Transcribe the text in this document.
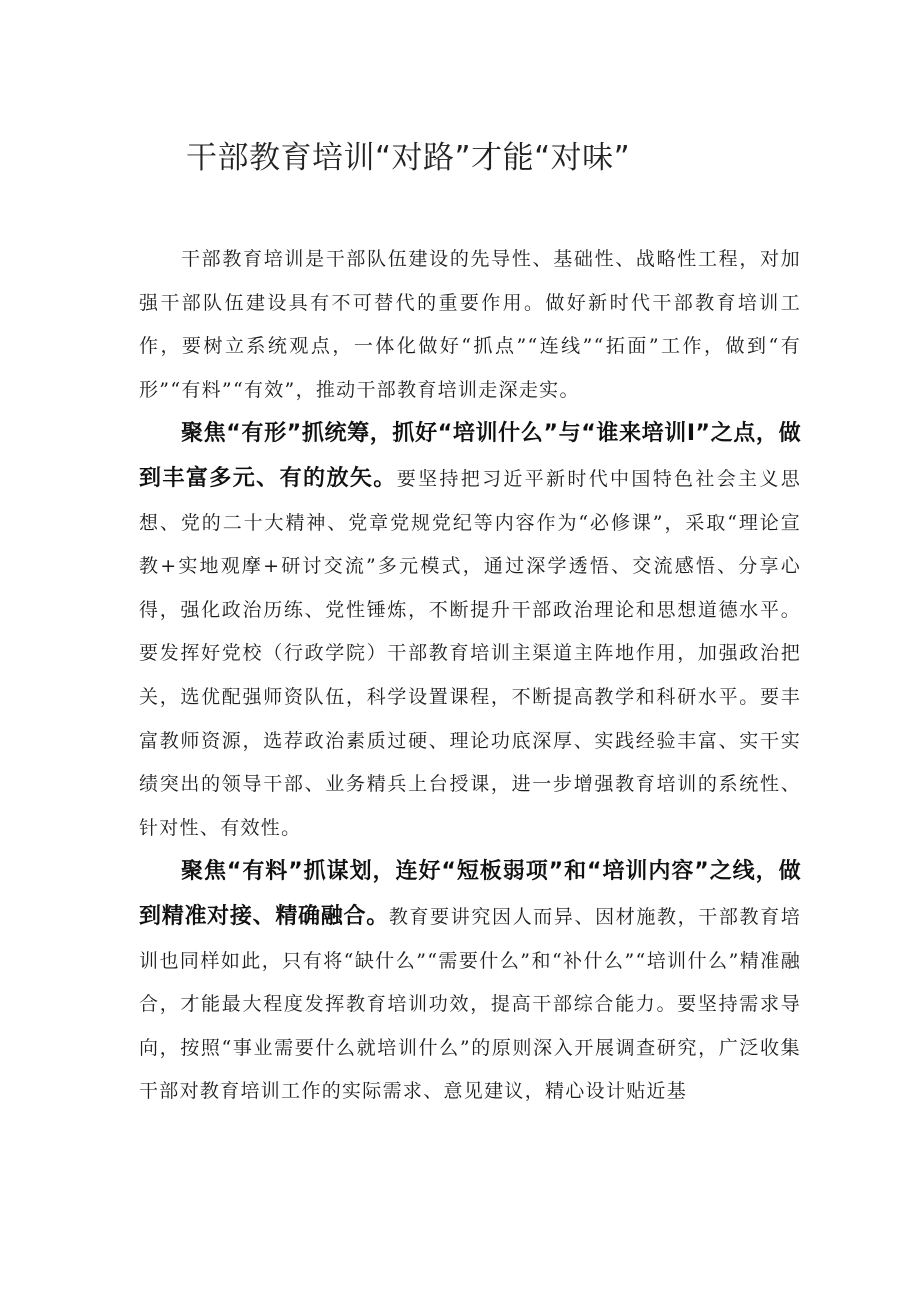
干部教育培训“对路”才能“对味”

干部教育培训是干部队伍建设的先导性、基础性、战略性工程，对加强干部队伍建设具有不可替代的重要作用。做好新时代干部教育培训工作，要树立系统观点，一体化做好“抓点”“连线”“拓面”工作，做到“有形”“有料”“有效”，推动干部教育培训走深走实。

聚焦“有形”抓统筹，抓好“培训什么”与“谁来培训I”之点，做到丰富多元、有的放矢。要坚持把习近平新时代中国特色社会主义思想、党的二十大精神、党章党规党纪等内容作为“必修课”，采取“理论宣教+实地观摩+研讨交流”多元模式，通过深学透悟、交流感悟、分享心得，强化政治历练、党性锤炼，不断提升干部政治理论和思想道德水平。要发挥好党校（行政学院）干部教育培训主渠道主阵地作用，加强政治把关，选优配强师资队伍，科学设置课程，不断提高教学和科研水平。要丰富教师资源，选荐政治素质过硬、理论功底深厚、实践经验丰富、实干实绩突出的领导干部、业务精兵上台授课，进一步增强教育培训的系统性、针对性、有效性。

聚焦“有料”抓谋划，连好“短板弱项”和“培训内容”之线，做到精准对接、精确融合。教育要讲究因人而异、因材施教，干部教育培训也同样如此，只有将“缺什么”“需要什么”和“补什么”“培训什么”精准融合，才能最大程度发挥教育培训功效，提高干部综合能力。要坚持需求导向，按照“事业需要什么就培训什么”的原则深入开展调查研究，广泛收集干部对教育培训工作的实际需求、意见建议，精心设计贴近基
